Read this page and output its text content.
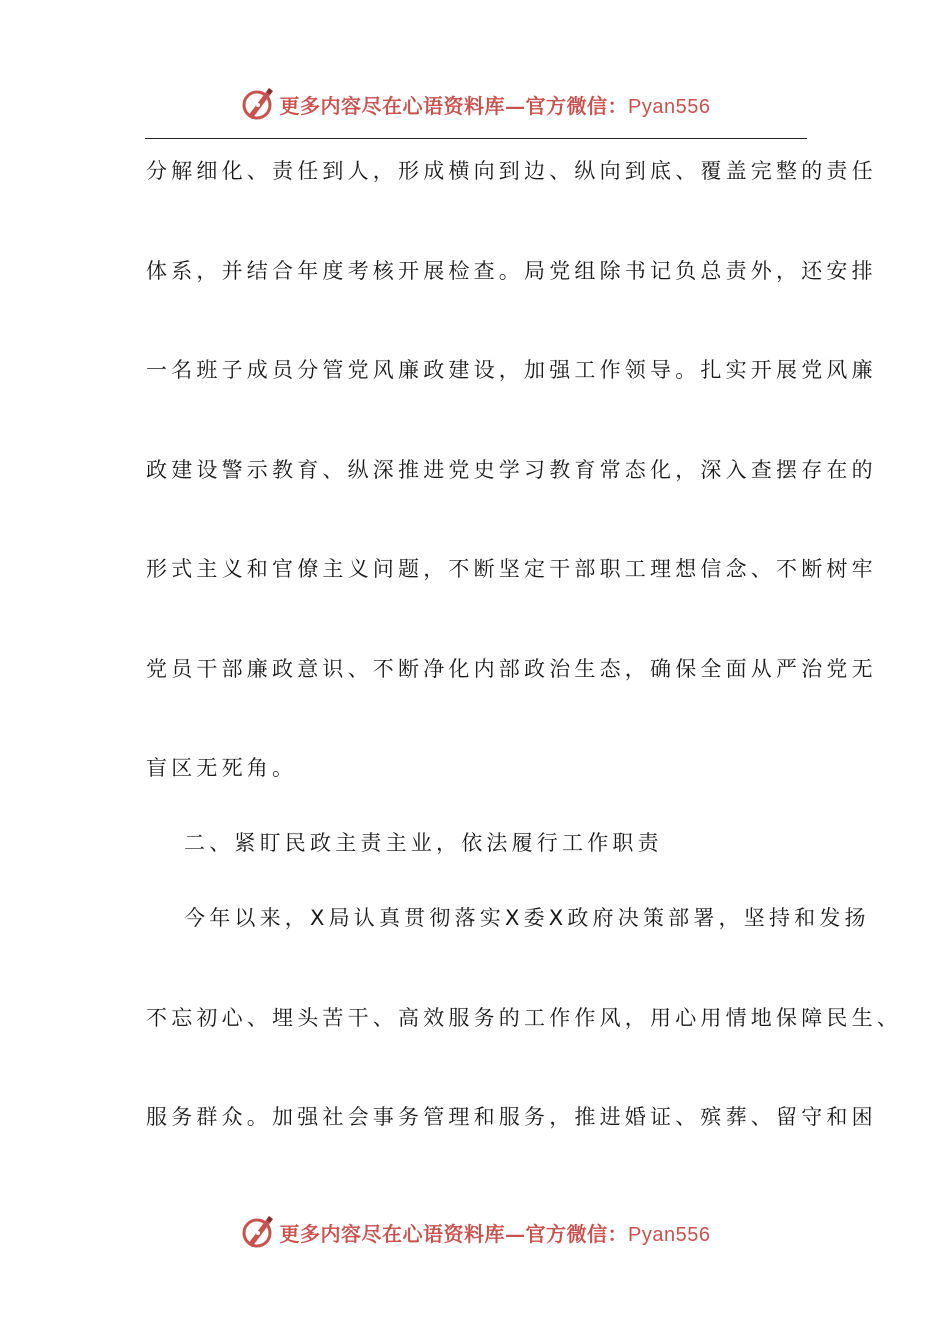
更多内容尽在心语资料库—官方微信：Pyan556
分解细化、责任到人，形成横向到边、纵向到底、覆盖完整的责任
体系，并结合年度考核开展检查。局党组除书记负总责外，还安排
一名班子成员分管党风廉政建设，加强工作领导。扎实开展党风廉
政建设警示教育、纵深推进党史学习教育常态化，深入查摆存在的
形式主义和官僚主义问题，不断坚定干部职工理想信念、不断树牢
党员干部廉政意识、不断净化内部政治生态，确保全面从严治党无
盲区无死角。
二、紧盯民政主责主业，依法履行工作职责
今年以来，X局认真贯彻落实X委X政府决策部署，坚持和发扬
不忘初心、埋头苦干、高效服务的工作作风，用心用情地保障民生、
服务群众。加强社会事务管理和服务，推进婚证、殡葬、留守和困
更多内容尽在心语资料库—官方微信：Pyan556
